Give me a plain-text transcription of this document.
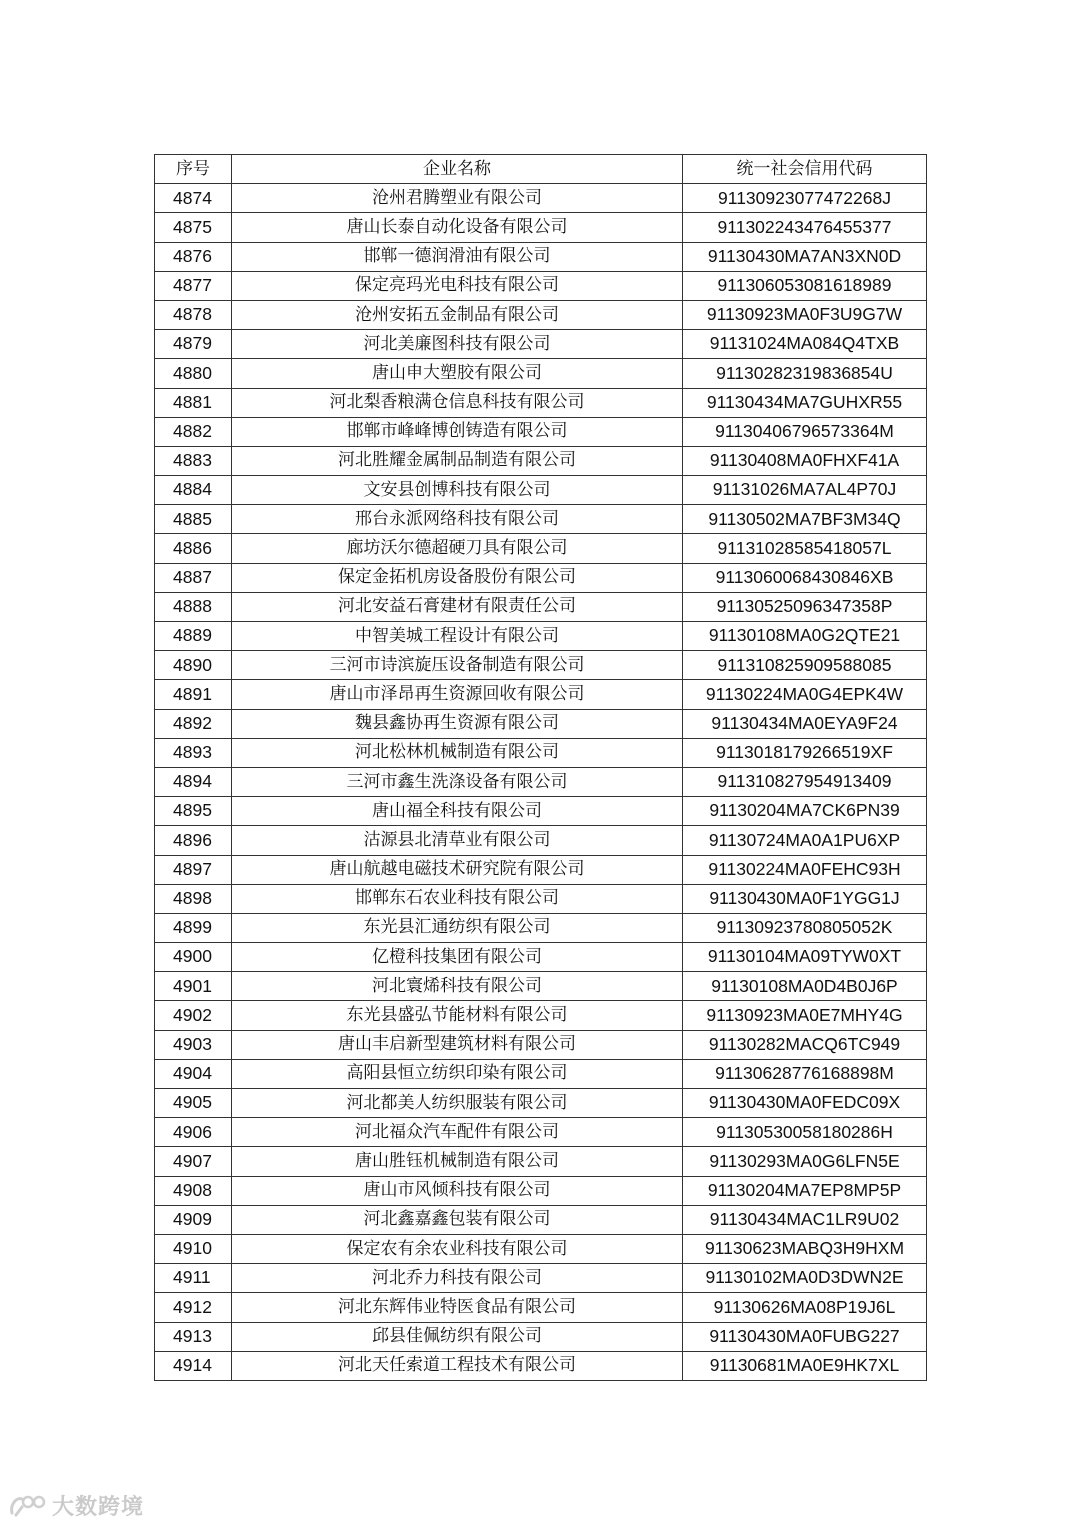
序号	企业名称	统一社会信用代码
4874	沧州君腾塑业有限公司	91130923077472268J
4875	唐山长泰自动化设备有限公司	911302243476455377
4876	邯郸一德润滑油有限公司	91130430MA7AN3XN0D
4877	保定亮玛光电科技有限公司	911306053081618989
4878	沧州安拓五金制品有限公司	91130923MA0F3U9G7W
4879	河北美廉图科技有限公司	91131024MA084Q4TXB
4880	唐山申大塑胶有限公司	91130282319836854U
4881	河北梨香粮满仓信息科技有限公司	91130434MA7GUHXR55
4882	邯郸市峰峰博创铸造有限公司	91130406796573364M
4883	河北胜耀金属制品制造有限公司	91130408MA0FHXF41A
4884	文安县创博科技有限公司	91131026MA7AL4P70J
4885	邢台永派网络科技有限公司	91130502MA7BF3M34Q
4886	廊坊沃尔德超硬刀具有限公司	91131028585418057L
4887	保定金拓机房设备股份有限公司	9113060068430846XB
4888	河北安益石膏建材有限责任公司	91130525096347358P
4889	中智美城工程设计有限公司	91130108MA0G2QTE21
4890	三河市诗滨旋压设备制造有限公司	911310825909588085
4891	唐山市泽昂再生资源回收有限公司	91130224MA0G4EPK4W
4892	魏县鑫协再生资源有限公司	91130434MA0EYA9F24
4893	河北松林机械制造有限公司	9113018179266519XF
4894	三河市鑫生洗涤设备有限公司	911310827954913409
4895	唐山福全科技有限公司	91130204MA7CK6PN39
4896	沽源县北清草业有限公司	91130724MA0A1PU6XP
4897	唐山航越电磁技术研究院有限公司	91130224MA0FEHC93H
4898	邯郸东石农业科技有限公司	91130430MA0F1YGG1J
4899	东光县汇通纺织有限公司	91130923780805052K
4900	亿橙科技集团有限公司	91130104MA09TYW0XT
4901	河北寰烯科技有限公司	91130108MA0D4B0J6P
4902	东光县盛弘节能材料有限公司	91130923MA0E7MHY4G
4903	唐山丰启新型建筑材料有限公司	91130282MACQ6TC949
4904	高阳县恒立纺织印染有限公司	91130628776168898M
4905	河北都美人纺织服装有限公司	91130430MA0FEDC09X
4906	河北福众汽车配件有限公司	91130530058180286H
4907	唐山胜钰机械制造有限公司	91130293MA0G6LFN5E
4908	唐山市风倾科技有限公司	91130204MA7EP8MP5P
4909	河北鑫嘉鑫包装有限公司	91130434MAC1LR9U02
4910	保定农有余农业科技有限公司	91130623MABQ3H9HXM
4911	河北乔力科技有限公司	91130102MA0D3DWN2E
4912	河北东辉伟业特医食品有限公司	91130626MA08P19J6L
4913	邱县佳佩纺织有限公司	91130430MA0FUBG227
4914	河北天任索道工程技术有限公司	91130681MA0E9HK7XL
大数跨境
